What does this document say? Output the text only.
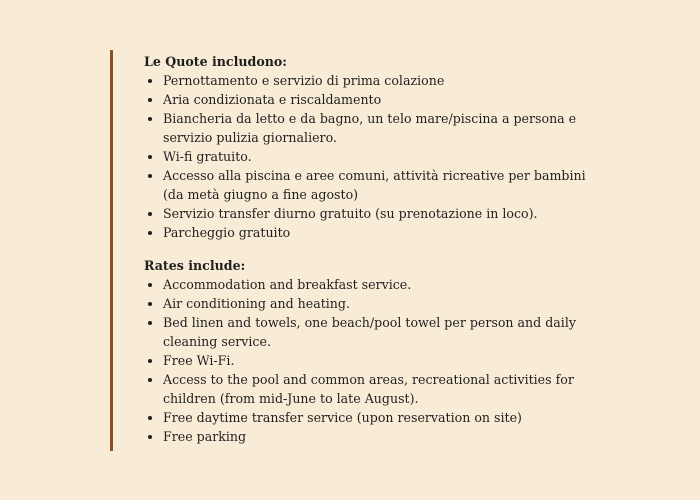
Le Quote includono:

Pernottamento e servizio di prima colazione
Aria condizionata e riscaldamento
Biancheria da letto e da bagno, un telo mare/piscina a persona e servizio pulizia giornaliero.
Wi-fi gratuito.
Accesso alla piscina e aree comuni, attività ricreative per bambini (da metà giugno a fine agosto)
Servizio transfer diurno gratuito (su prenotazione in loco).
Parcheggio gratuito

Rates include:

Accommodation and breakfast service.
Air conditioning and heating.
Bed linen and towels, one beach/pool towel per person and daily cleaning service.
Free Wi-Fi.
Access to the pool and common areas, recreational activities for children (from mid-June to late August).
Free daytime transfer service (upon reservation on site)
Free parking
